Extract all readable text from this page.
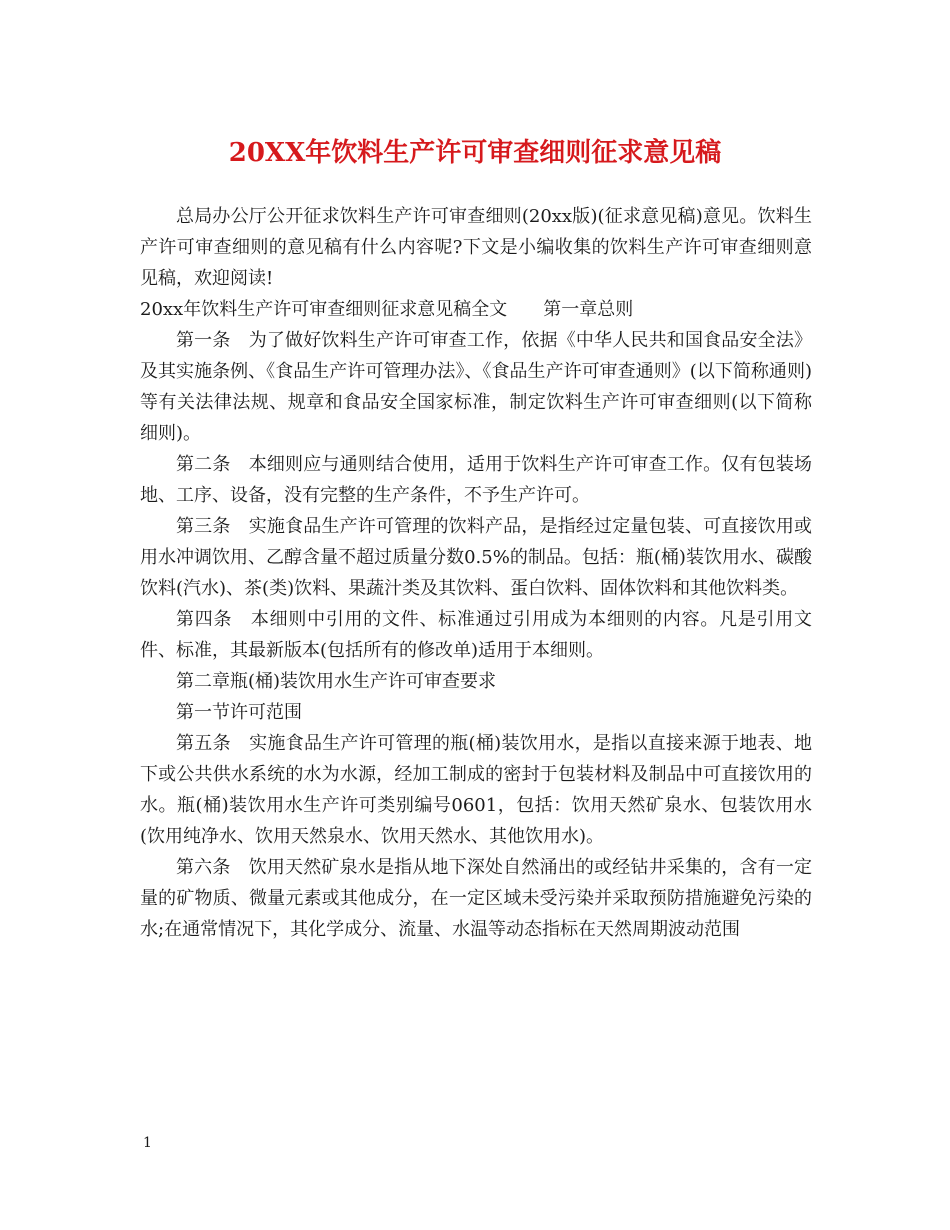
20XX年饮料生产许可审查细则征求意见稿

总局办公厅公开征求饮料生产许可审查细则(20xx版)(征求意见稿)意见。饮料生产许可审查细则的意见稿有什么内容呢?下文是小编收集的饮料生产许可审查细则意见稿，欢迎阅读!

20xx年饮料生产许可审查细则征求意见稿全文　　第一章总则

第一条　为了做好饮料生产许可审查工作，依据《中华人民共和国食品安全法》及其实施条例、《食品生产许可管理办法》、《食品生产许可审查通则》(以下简称通则)等有关法律法规、规章和食品安全国家标准，制定饮料生产许可审查细则(以下简称细则)。

第二条　本细则应与通则结合使用，适用于饮料生产许可审查工作。仅有包装场地、工序、设备，没有完整的生产条件，不予生产许可。

第三条　实施食品生产许可管理的饮料产品，是指经过定量包装、可直接饮用或用水冲调饮用、乙醇含量不超过质量分数0.5%的制品。包括：瓶(桶)装饮用水、碳酸饮料(汽水)、茶(类)饮料、果蔬汁类及其饮料、蛋白饮料、固体饮料和其他饮料类。

第四条　本细则中引用的文件、标准通过引用成为本细则的内容。凡是引用文件、标准，其最新版本(包括所有的修改单)适用于本细则。

第二章瓶(桶)装饮用水生产许可审查要求

第一节许可范围

第五条　实施食品生产许可管理的瓶(桶)装饮用水，是指以直接来源于地表、地下或公共供水系统的水为水源，经加工制成的密封于包装材料及制品中可直接饮用的水。瓶(桶)装饮用水生产许可类别编号0601，包括：饮用天然矿泉水、包装饮用水(饮用纯净水、饮用天然泉水、饮用天然水、其他饮用水)。

第六条　饮用天然矿泉水是指从地下深处自然涌出的或经钻井采集的，含有一定量的矿物质、微量元素或其他成分，在一定区域未受污染并采取预防措施避免污染的水;在通常情况下，其化学成分、流量、水温等动态指标在天然周期波动范围

1
